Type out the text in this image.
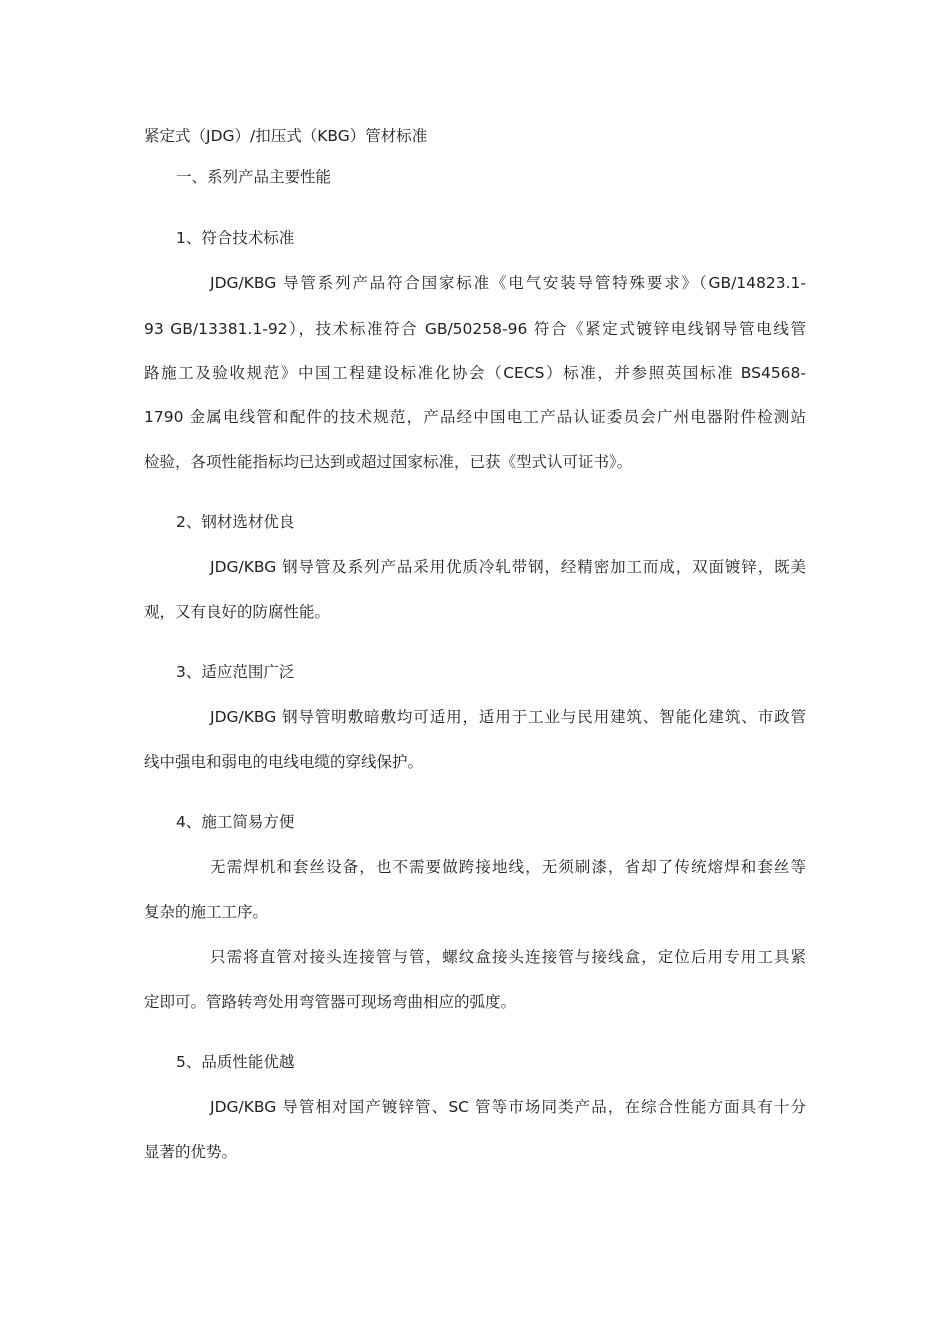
紧定式（JDG）/扣压式（KBG）管材标准

一、系列产品主要性能

1、符合技术标准

JDG/KBG 导管系列产品符合国家标准《电气安装导管特殊要求》（GB/14823.1-

93 GB/13381.1-92），技术标准符合 GB/50258-96 符合《紧定式镀锌电线钢导管电线管

路施工及验收规范》中国工程建设标准化协会（CECS）标准，并参照英国标准 BS4568-

1790 金属电线管和配件的技术规范，产品经中国电工产品认证委员会广州电器附件检测站

检验，各项性能指标均已达到或超过国家标准，已获《型式认可证书》。

2、钢材选材优良

JDG/KBG 钢导管及系列产品采用优质冷轧带钢，经精密加工而成，双面镀锌，既美

观，又有良好的防腐性能。

3、适应范围广泛

JDG/KBG 钢导管明敷暗敷均可适用，适用于工业与民用建筑、智能化建筑、市政管

线中强电和弱电的电线电缆的穿线保护。

4、施工简易方便

无需焊机和套丝设备，也不需要做跨接地线，无须刷漆，省却了传统熔焊和套丝等

复杂的施工工序。

只需将直管对接头连接管与管，螺纹盒接头连接管与接线盒，定位后用专用工具紧

定即可。管路转弯处用弯管器可现场弯曲相应的弧度。

5、品质性能优越

JDG/KBG 导管相对国产镀锌管、SC 管等市场同类产品，在综合性能方面具有十分

显著的优势。
